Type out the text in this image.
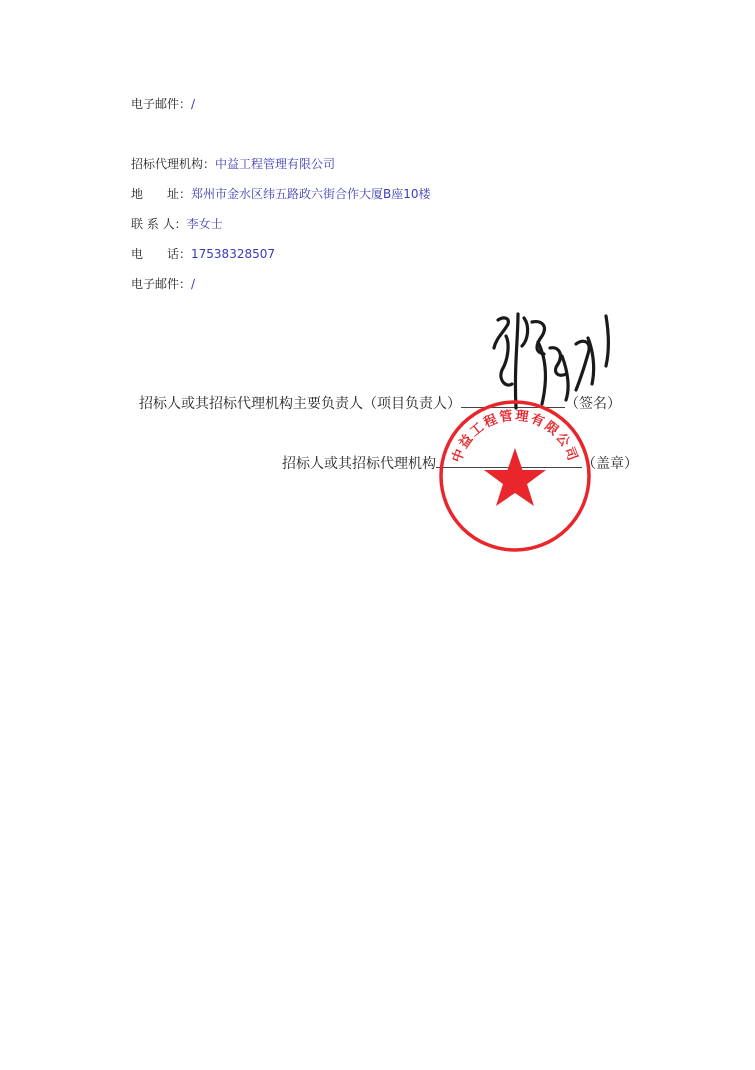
电子邮件：/
招标代理机构：中益工程管理有限公司
地　　址：郑州市金水区纬五路政六街合作大厦B座10楼
联 系 人：李女士
电　　话：17538328507
电子邮件：/
招标人或其招标代理机构主要负责人（项目负责人）	（签名）
招标人或其招标代理机构	（盖章）
中益工程管理有限公司
